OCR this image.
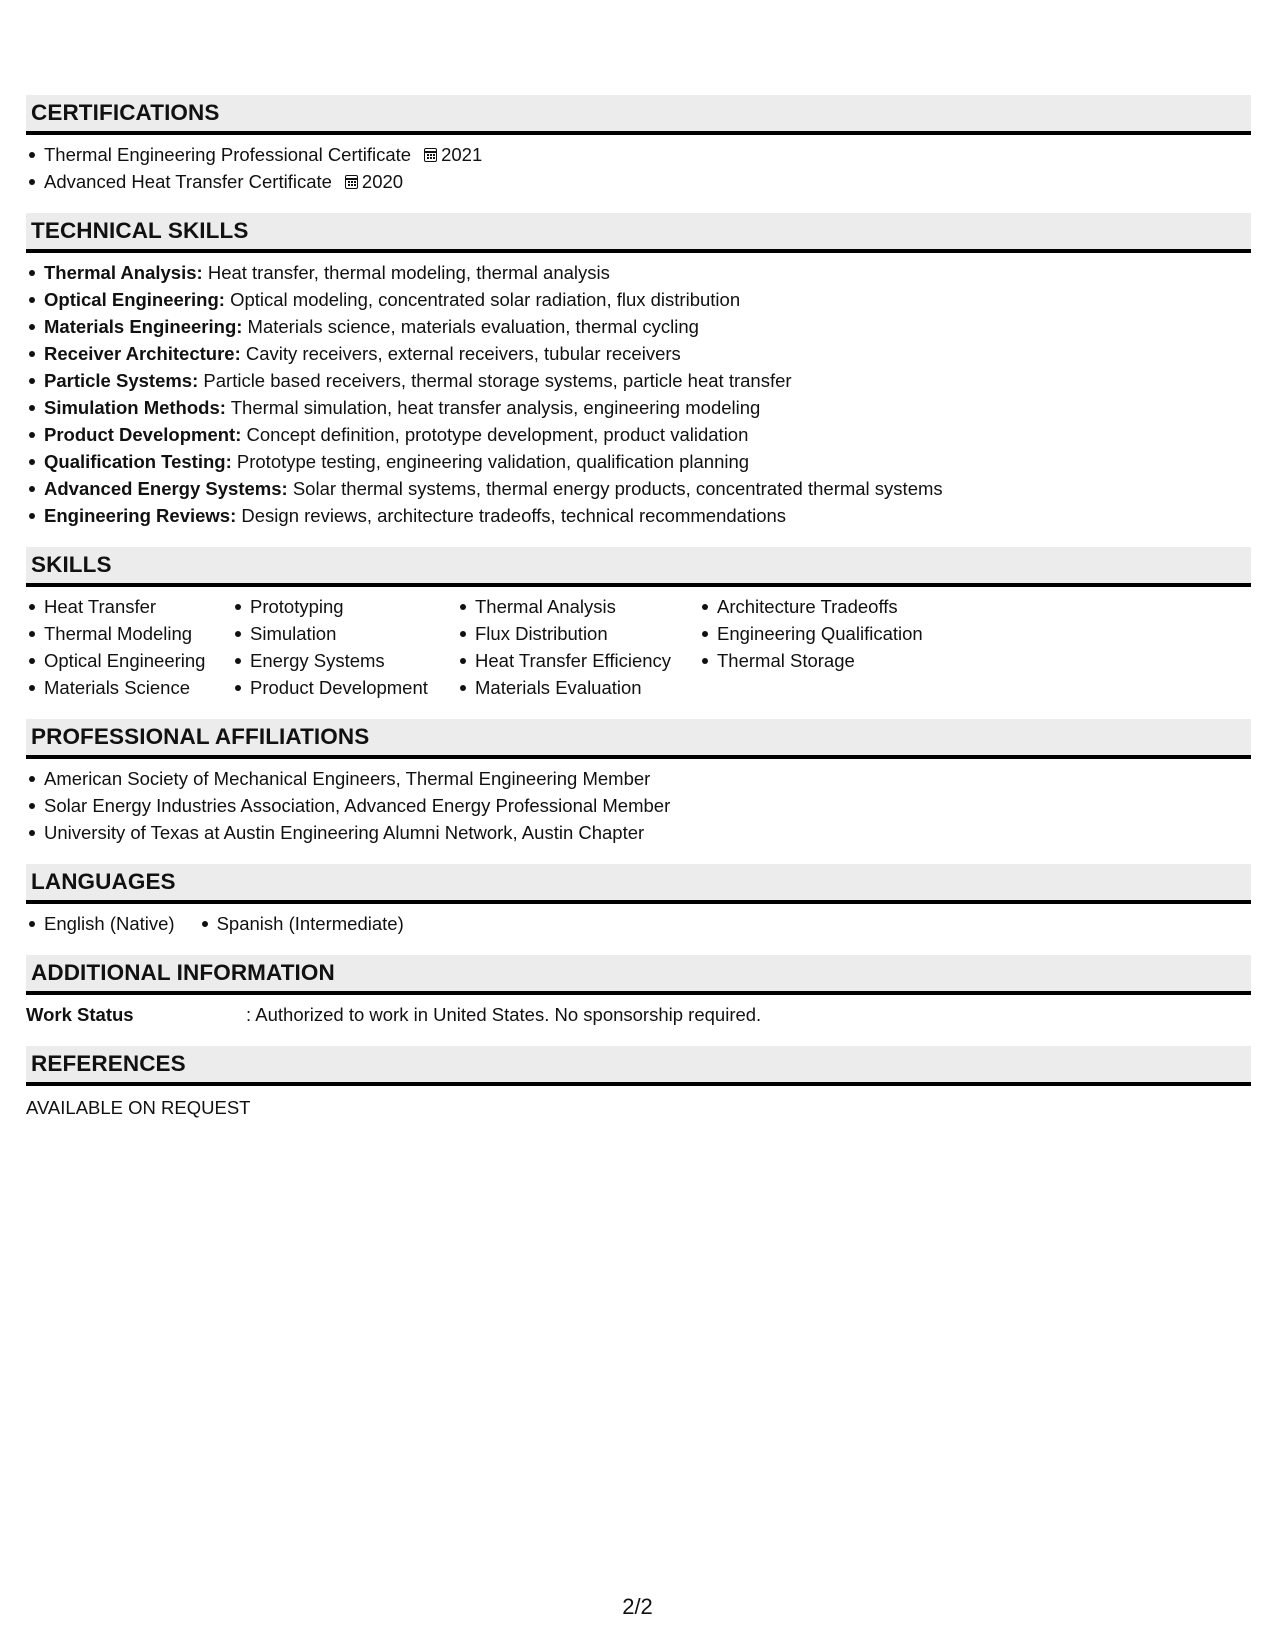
CERTIFICATIONS
Thermal Engineering Professional Certificate 2021
Advanced Heat Transfer Certificate 2020
TECHNICAL SKILLS
Thermal Analysis: Heat transfer, thermal modeling, thermal analysis
Optical Engineering: Optical modeling, concentrated solar radiation, flux distribution
Materials Engineering: Materials science, materials evaluation, thermal cycling
Receiver Architecture: Cavity receivers, external receivers, tubular receivers
Particle Systems: Particle based receivers, thermal storage systems, particle heat transfer
Simulation Methods: Thermal simulation, heat transfer analysis, engineering modeling
Product Development: Concept definition, prototype development, product validation
Qualification Testing: Prototype testing, engineering validation, qualification planning
Advanced Energy Systems: Solar thermal systems, thermal energy products, concentrated thermal systems
Engineering Reviews: Design reviews, architecture tradeoffs, technical recommendations
SKILLS
Heat Transfer
Thermal Modeling
Optical Engineering
Materials Science
Prototyping
Simulation
Energy Systems
Product Development
Thermal Analysis
Flux Distribution
Heat Transfer Efficiency
Materials Evaluation
Architecture Tradeoffs
Engineering Qualification
Thermal Storage
PROFESSIONAL AFFILIATIONS
American Society of Mechanical Engineers, Thermal Engineering Member
Solar Energy Industries Association, Advanced Energy Professional Member
University of Texas at Austin Engineering Alumni Network, Austin Chapter
LANGUAGES
English (Native)	Spanish (Intermediate)
ADDITIONAL INFORMATION
Work Status	: Authorized to work in United States. No sponsorship required.
REFERENCES
AVAILABLE ON REQUEST
2/2
